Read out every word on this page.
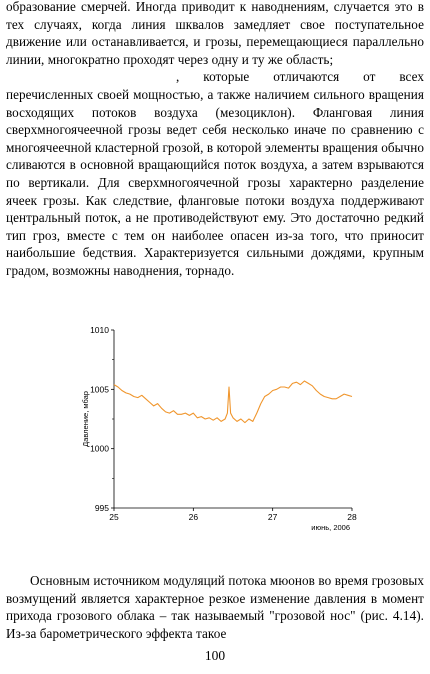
образование смерчей. Иногда приводит к наводнениям, случается это в тех случаях, когда линия шквалов замедляет свое поступательное движение или останавливается, и грозы, перемещающиеся параллельно линии, многократно проходят через одну и ту же область;

, которые отличаются от всех перечисленных своей мощностью, а также наличием сильного вращения восходящих потоков воздуха (мезоциклон). Фланговая линия сверхмногоячеечной грозы ведет себя несколько иначе по сравнению с многоячеечной кластерной грозой, в которой элементы вращения обычно сливаются в основной вращающийся поток воздуха, а затем взрываются по вертикали. Для сверхмногоячечной грозы характерно разделение ячеек грозы. Как следствие, фланговые потоки воздуха поддерживают центральный поток, а не противодействуют ему. Это достаточно редкий тип гроз, вместе с тем он наиболее опасен из-за того, что приносит наибольшие бедствия. Характеризуется сильными дождями, крупным градом, возможны наводнения, торнадо.

995
1000
1005
1010
25	26	27	28
Давление, мбар
июнь, 2006

Основным источником модуляций потока мюонов во время грозовых возмущений является характерное резкое изменение давления в момент прихода грозового облака – так называемый "грозовой нос" (рис. 4.14). Из-за барометрического эффекта такое

100
